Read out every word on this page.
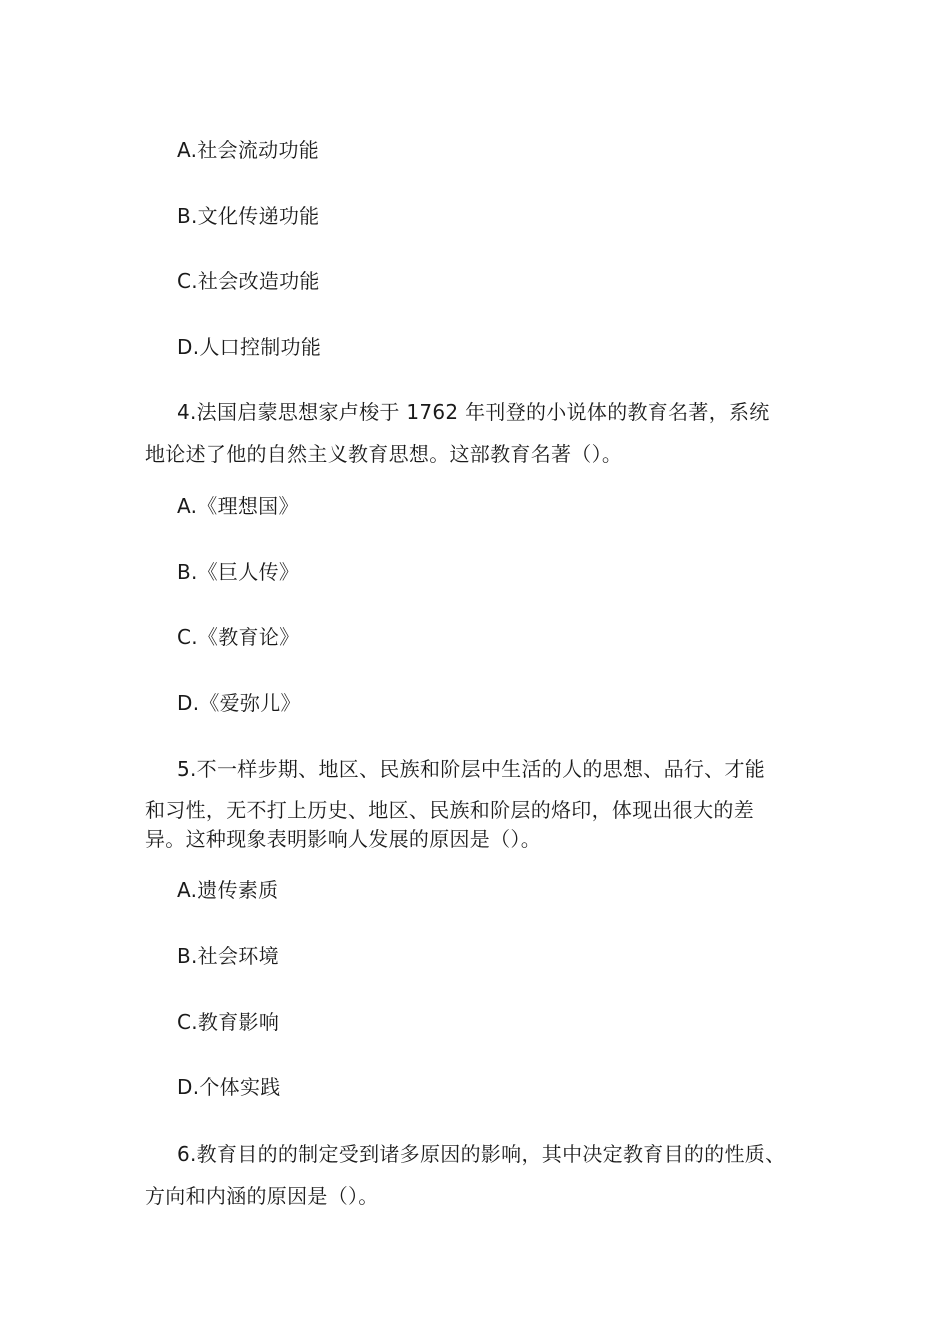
A.社会流动功能
B.文化传递功能
C.社会改造功能
D.人口控制功能
4.法国启蒙思想家卢梭于 1762 年刊登的小说体的教育名著，系统
地论述了他的自然主义教育思想。这部教育名著（）。
A.《理想国》
B.《巨人传》
C.《教育论》
D.《爱弥儿》
5.不一样步期、地区、民族和阶层中生活的人的思想、品行、才能
和习性，无不打上历史、地区、民族和阶层的烙印，体现出很大的差
异。这种现象表明影响人发展的原因是（）。
A.遗传素质
B.社会环境
C.教育影响
D.个体实践
6.教育目的的制定受到诸多原因的影响，其中决定教育目的的性质、
方向和内涵的原因是（）。
